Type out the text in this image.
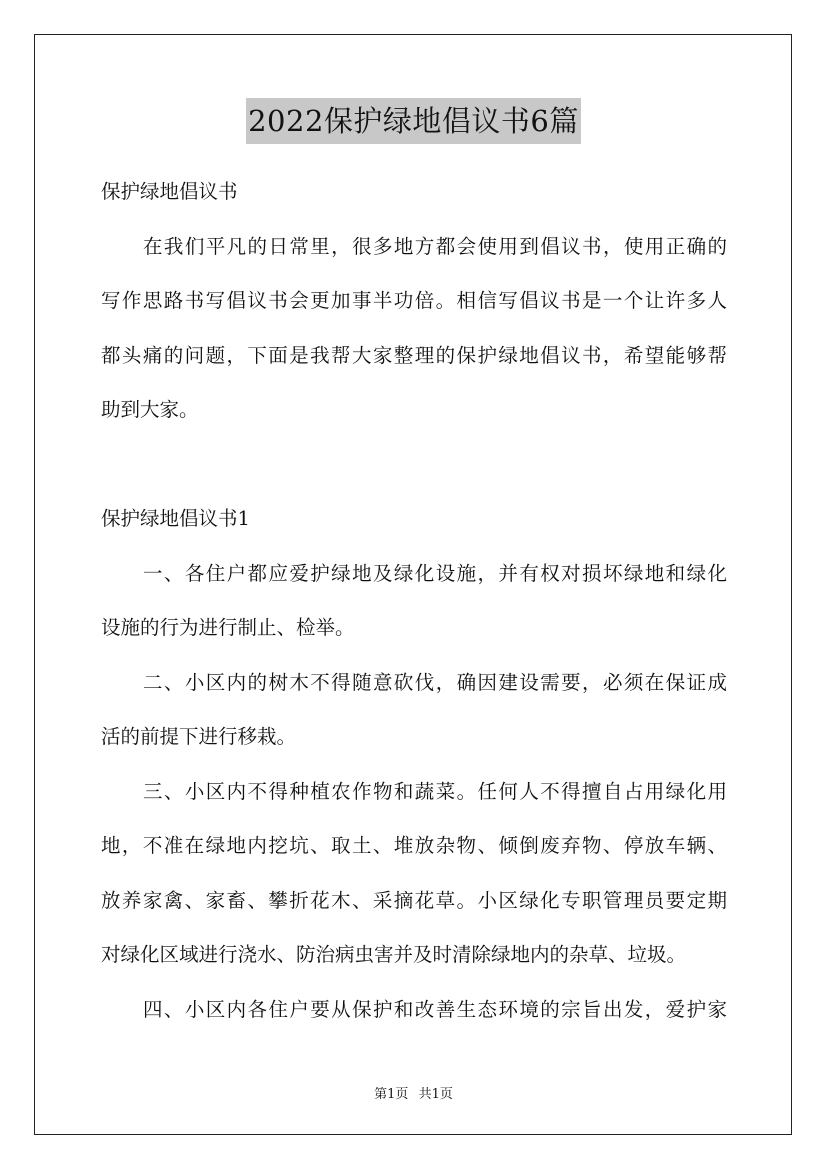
2022保护绿地倡议书6篇
保护绿地倡议书
在我们平凡的日常里，很多地方都会使用到倡议书，使用正确的
写作思路书写倡议书会更加事半功倍。相信写倡议书是一个让许多人
都头痛的问题，下面是我帮大家整理的保护绿地倡议书，希望能够帮
助到大家。
保护绿地倡议书1
一、各住户都应爱护绿地及绿化设施，并有权对损坏绿地和绿化
设施的行为进行制止、检举。
二、小区内的树木不得随意砍伐，确因建设需要，必须在保证成
活的前提下进行移栽。
三、小区内不得种植农作物和蔬菜。任何人不得擅自占用绿化用
地，不准在绿地内挖坑、取土、堆放杂物、倾倒废弃物、停放车辆、
放养家禽、家畜、攀折花木、采摘花草。小区绿化专职管理员要定期
对绿化区域进行浇水、防治病虫害并及时清除绿地内的杂草、垃圾。
四、小区内各住户要从保护和改善生态环境的宗旨出发，爱护家
第1页 共1页
